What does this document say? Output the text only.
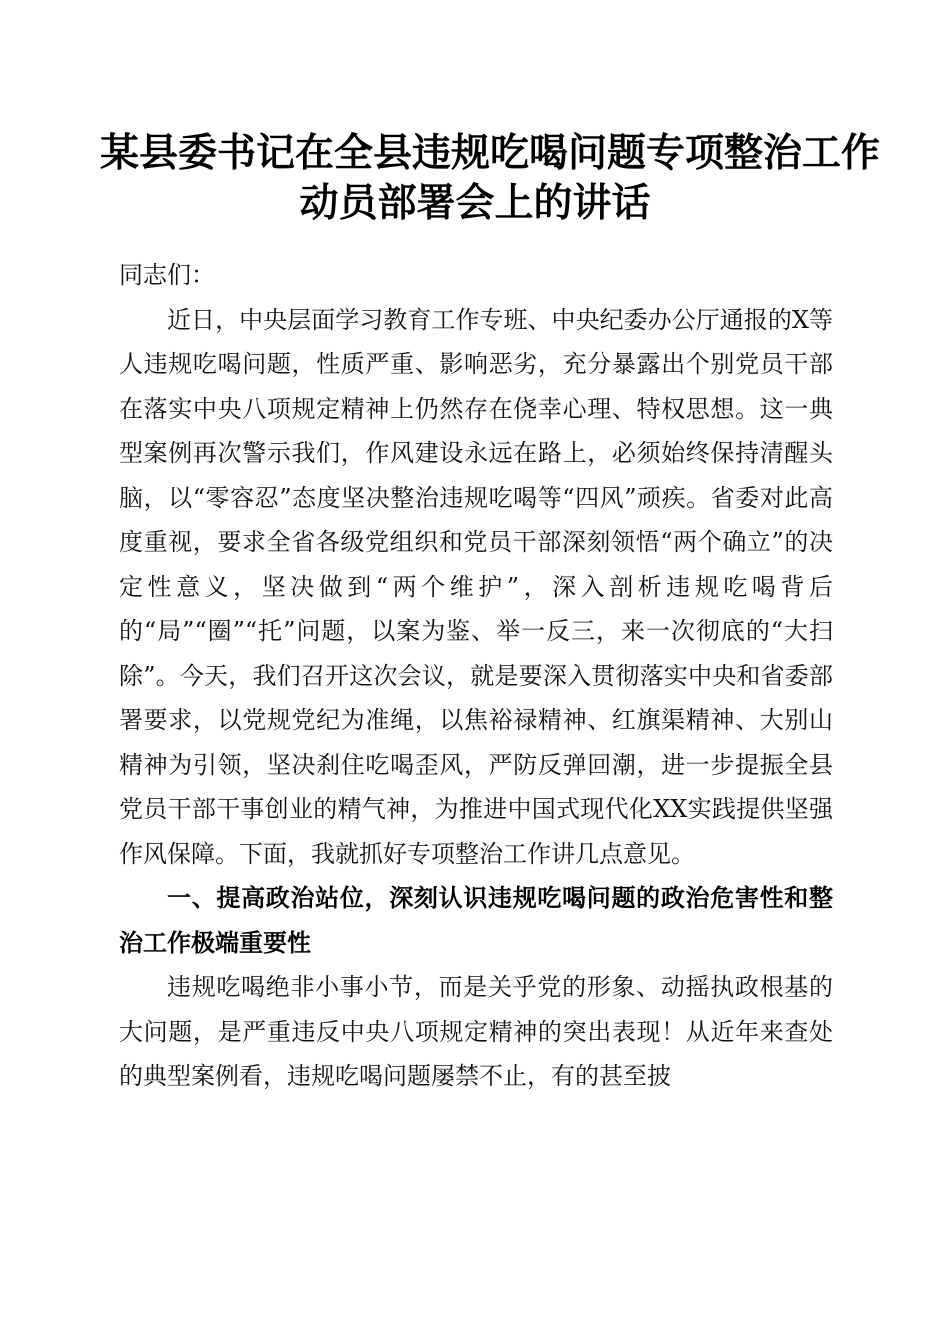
某县委书记在全县违规吃喝问题专项整治工作
动员部署会上的讲话

同志们：

近日，中央层面学习教育工作专班、中央纪委办公厅通报的X等人违规吃喝问题，性质严重、影响恶劣，充分暴露出个别党员干部在落实中央八项规定精神上仍然存在侥幸心理、特权思想。这一典型案例再次警示我们，作风建设永远在路上，必须始终保持清醒头脑，以“零容忍”态度坚决整治违规吃喝等“四风”顽疾。省委对此高度重视，要求全省各级党组织和党员干部深刻领悟“两个确立”的决定性意义，坚决做到“两个维护”，深入剖析违规吃喝背后的“局”“圈”“托”问题，以案为鉴、举一反三，来一次彻底的“大扫除”。今天，我们召开这次会议，就是要深入贯彻落实中央和省委部署要求，以党规党纪为准绳，以焦裕禄精神、红旗渠精神、大别山精神为引领，坚决刹住吃喝歪风，严防反弹回潮，进一步提振全县党员干部干事创业的精气神，为推进中国式现代化XX实践提供坚强作风保障。下面，我就抓好专项整治工作讲几点意见。

一、提高政治站位，深刻认识违规吃喝问题的政治危害性和整治工作极端重要性

违规吃喝绝非小事小节，而是关乎党的形象、动摇执政根基的大问题，是严重违反中央八项规定精神的突出表现！从近年来查处的典型案例看，违规吃喝问题屡禁不止，有的甚至披
